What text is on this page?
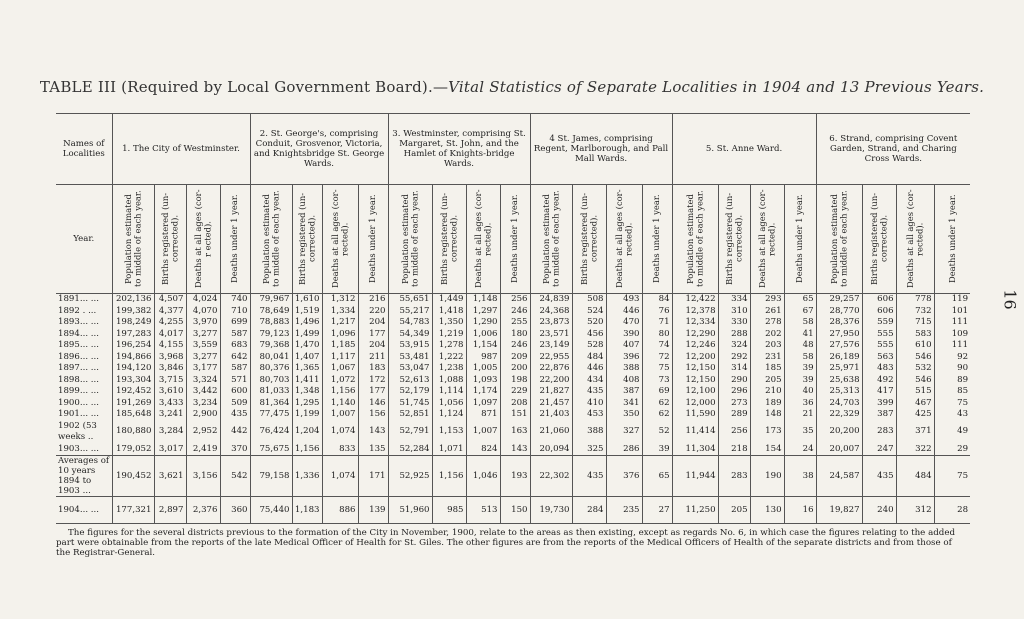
TABLE III (Required by Local Government Board).—Vital Statistics of Separate Localities in 1904 and 13 Previous Years.
16
Names of Localities	1. The City of Westminster.				2. St. George's, comprising Conduit, Grosvenor, Victoria, and Knightsbridge St. George Wards.				3. Westminster, comprising St. Margaret, St. John, and the Hamlet of Knights-bridge Wards.				4 St. James, comprising Regent, Marlborough, and Pall Mall Wards.				5. St. Anne Ward.				6. Strand, comprising Covent Garden, Strand, and Charing Cross Wards.			
Year.	Population estimated to middle of each year.	Births registered (un-corrected).	Deaths at all ages (cor-r ected).	Deaths under 1 year.	Population estimated to middle of each year.	Births registered (un-corrected).	Deaths at all ages (cor-rected).	Deaths under 1 year.	Population estimated to middle of each year.	Births registered (un-corrected).	Deaths at all ages (cor-rected).	Deaths under 1 year.	Population estimated to middle of each year.	Births registered (un-corrected).	Deaths at all ages (cor-rected).	Deaths under 1 year.	Population estimated to middle of each year.	Births registered (un-corrected).	Deaths at all ages (cor-rected).	Deaths under 1 year.	Population estimated to middle of each year.	Births registered (un-corrected).	Deaths at all ages (cor-rected).	Deaths under 1 year.

1891... ...	202,136	4,507	4,024	740	79,967	1,610	1,312	216	55,651	1,449	1,148	256	24,839	508	493	84	12,422	334	293	65	29,257	606	778	119
1892 . ...	199,382	4,377	4,070	710	78,649	1,519	1,334	220	55,217	1,418	1,297	246	24,368	524	446	76	12,378	310	261	67	28,770	606	732	101
1893... ...	198,249	4,255	3,970	699	78,883	1,496	1,217	204	54,783	1,350	1,290	255	23,873	520	470	71	12,334	330	278	58	28,376	559	715	111
1894... ...	197,283	4,017	3,277	587	79,123	1,499	1,096	177	54,349	1,219	1,006	180	23,571	456	390	80	12,290	288	202	41	27,950	555	583	109
1895... ...	196,254	4,155	3,559	683	79,368	1,470	1,185	204	53,915	1,278	1,154	246	23,149	528	407	74	12,246	324	203	48	27,576	555	610	111
1896... ...	194,866	3,968	3,277	642	80,041	1,407	1,117	211	53,481	1,222	987	209	22,955	484	396	72	12,200	292	231	58	26,189	563	546	92
1897... ...	194,120	3,846	3,177	587	80,376	1,365	1,067	183	53,047	1,238	1,005	200	22,876	446	388	75	12,150	314	185	39	25,971	483	532	90
1898... ...	193,304	3,715	3,324	571	80,703	1,411	1,072	172	52,613	1,088	1,093	198	22,200	434	408	73	12,150	290	205	39	25,638	492	546	89
1899... ...	192,452	3,610	3,442	600	81,033	1,348	1,156	177	52,179	1,114	1,174	229	21,827	435	387	69	12,100	296	210	40	25,313	417	515	85
1900... ...	191,269	3,433	3,234	509	81,364	1,295	1,140	146	51,745	1,056	1,097	208	21,457	410	341	62	12,000	273	189	36	24,703	399	467	75
1901... ...	185,648	3,241	2,900	435	77,475	1,199	1,007	156	52,851	1,124	871	151	21,403	453	350	62	11,590	289	148	21	22,329	387	425	43
1902 (53 weeks ..	180,880	3,284	2,952	442	76,424	1,204	1,074	143	52,791	1,153	1,007	163	21,060	388	327	52	11,414	256	173	35	20,200	283	371	49
1903... ...	179,052	3,017	2,419	370	75,675	1,156	833	135	52,284	1,071	824	143	20,094	325	286	39	11,304	218	154	24	20,007	247	322	29
Averages of 10 years 1894 to 1903 ...	190,452	3,621	3,156	542	79,158	1,336	1,074	171	52,925	1,156	1,046	193	22,302	435	376	65	11,944	283	190	38	24,587	435	484	75
1904... ...	177,321	2,897	2,376	360	75,440	1,183	886	139	51,960	985	513	150	19,730	284	235	27	11,250	205	130	16	19,827	240	312	28
The figures for the several districts previous to the formation of the City in November, 1900, relate to the areas as then existing, except as regards No. 6, in which case the figures relating to the added part were obtainable from the reports of the late Medical Officer of Health for St. Giles. The other figures are from the reports of the Medical Officers of Health of the separate districts and from those of the Registrar-General.
